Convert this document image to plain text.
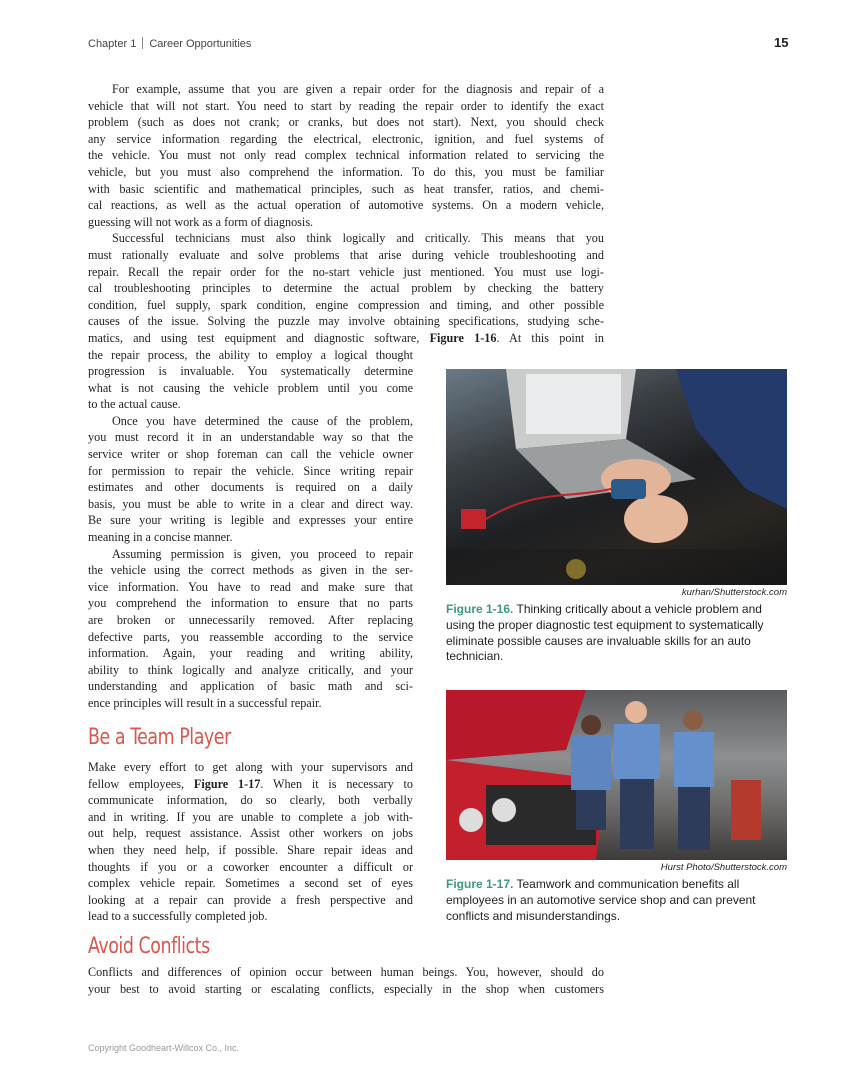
Chapter 1 Career Opportunities	15
For example, assume that you are given a repair order for the diagnosis and repair of a
vehicle that will not start. You need to start by reading the repair order to identify the exact
problem (such as does not crank; or cranks, but does not start). Next, you should check
any service information regarding the electrical, electronic, ignition, and fuel systems of
the vehicle. You must not only read complex technical information related to servicing the
vehicle, but you must also comprehend the information. To do this, you must be familiar
with basic scientific and mathematical principles, such as heat transfer, ratios, and chemi-
cal reactions, as well as the actual operation of automotive systems. On a modern vehicle,
guessing will not work as a form of diagnosis.
Successful technicians must also think logically and critically. This means that you
must rationally evaluate and solve problems that arise during vehicle troubleshooting and
repair. Recall the repair order for the no-start vehicle just mentioned. You must use logi-
cal troubleshooting principles to determine the actual problem by checking the battery
condition, fuel supply, spark condition, engine compression and timing, and other possible
causes of the issue. Solving the puzzle may involve obtaining specifications, studying sche-
matics, and using test equipment and diagnostic software, Figure 1-16. At this point in
the repair process, the ability to employ a logical thought
progression is invaluable. You systematically determine
what is not causing the vehicle problem until you come
to the actual cause.
Once you have determined the cause of the problem,
you must record it in an understandable way so that the
service writer or shop foreman can call the vehicle owner
for permission to repair the vehicle. Since writing repair
estimates and other documents is required on a daily
basis, you must be able to write in a clear and direct way.
Be sure your writing is legible and expresses your entire
meaning in a concise manner.
Assuming permission is given, you proceed to repair
the vehicle using the correct methods as given in the ser-
vice information. You have to read and make sure that
you comprehend the information to ensure that no parts
are broken or unnecessarily removed. After replacing
defective parts, you reassemble according to the service
information. Again, your reading and writing ability,
ability to think logically and analyze critically, and your
understanding and application of basic math and sci-
ence principles will result in a successful repair.
Be a Team Player
Make every effort to get along with your supervisors and
fellow employees, Figure 1-17. When it is necessary to
communicate information, do so clearly, both verbally
and in writing. If you are unable to complete a job with-
out help, request assistance. Assist other workers on jobs
when they need help, if possible. Share repair ideas and
thoughts if you or a coworker encounter a difficult or
complex vehicle repair. Sometimes a second set of eyes
looking at a repair can provide a fresh perspective and
lead to a successfully completed job.
Avoid Conflicts
Conflicts and differences of opinion occur between human beings. You, however, should do
your best to avoid starting or escalating conflicts, especially in the shop when customers
kurhan/Shutterstock.com
Figure 1-16. Thinking critically about a vehicle problem and using the proper diagnostic test equipment to systematically eliminate possible causes are invaluable skills for an auto technician.
Hurst Photo/Shutterstock.com
Figure 1-17. Teamwork and communication benefits all employees in an automotive service shop and can prevent conflicts and misunderstandings.
Copyright Goodheart-Willcox Co., Inc.
